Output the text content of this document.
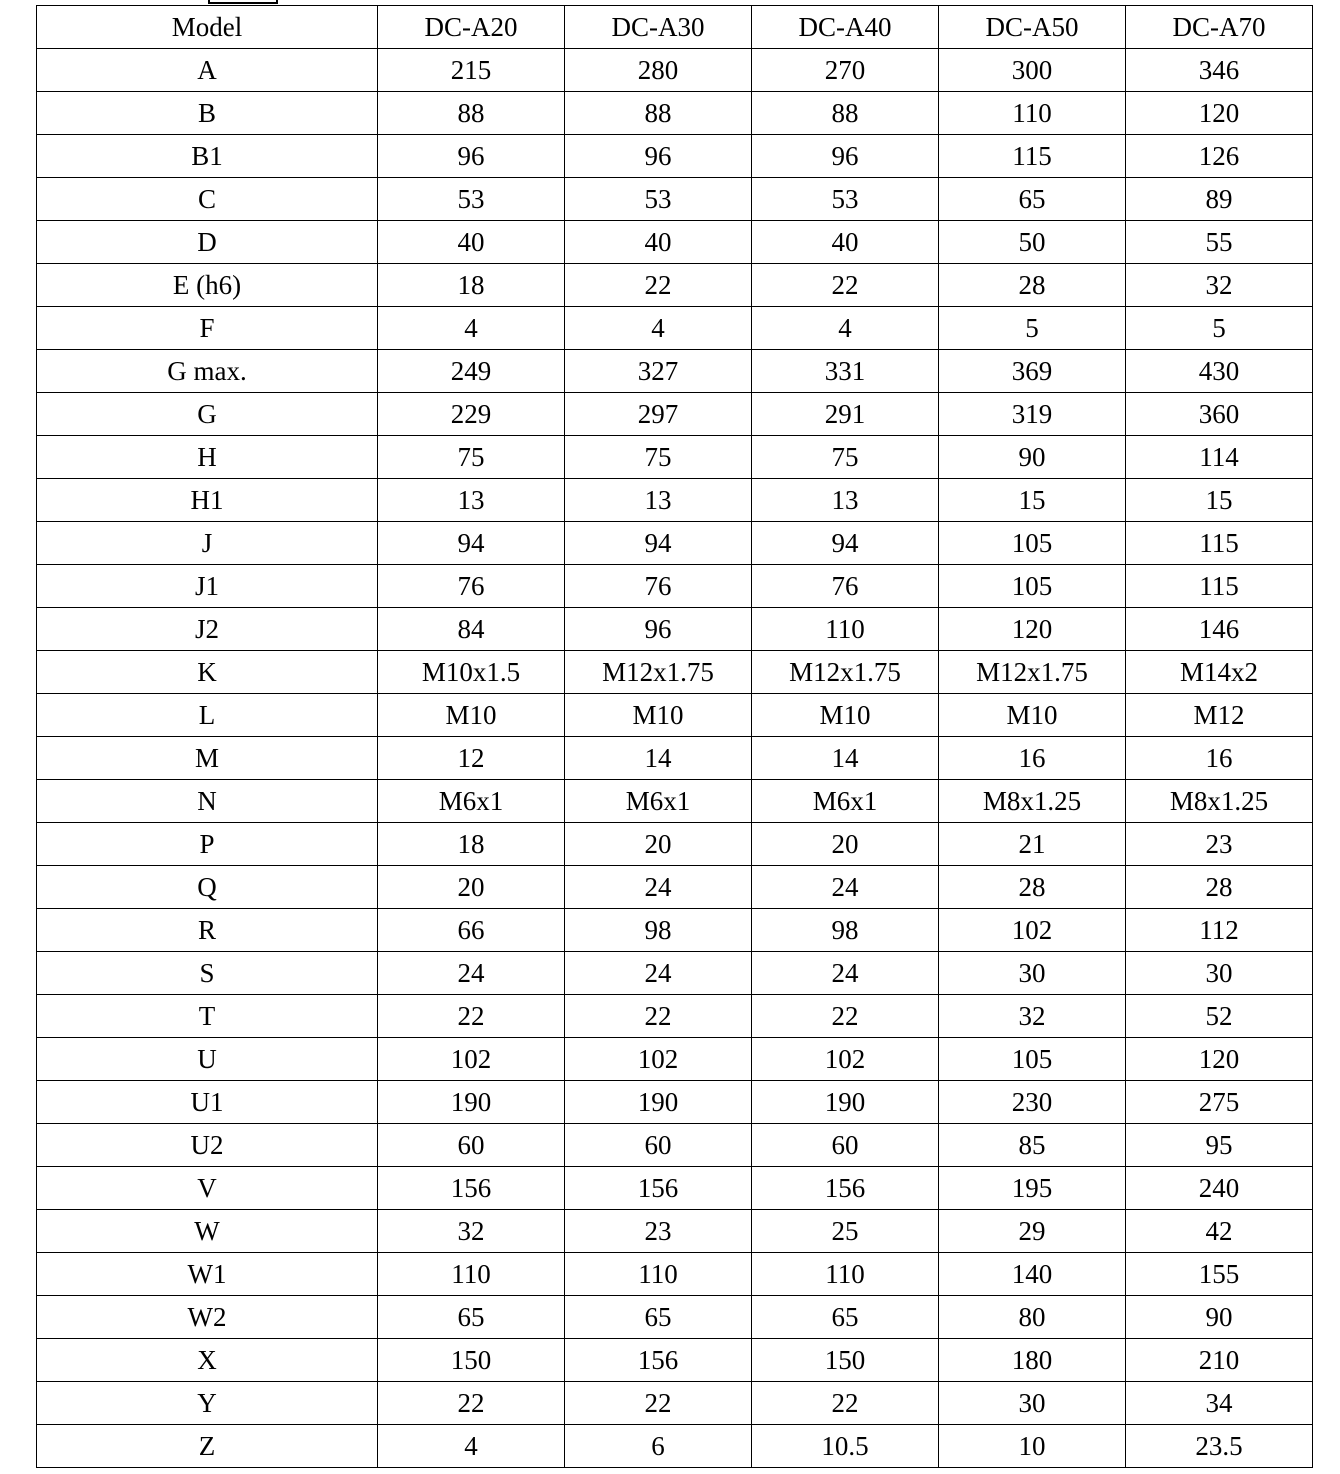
Model	DC-A20	DC-A30	DC-A40	DC-A50	DC-A70
A	215	280	270	300	346
B	88	88	88	110	120
B1	96	96	96	115	126
C	53	53	53	65	89
D	40	40	40	50	55
E (h6)	18	22	22	28	32
F	4	4	4	5	5
G max.	249	327	331	369	430
G	229	297	291	319	360
H	75	75	75	90	114
H1	13	13	13	15	15
J	94	94	94	105	115
J1	76	76	76	105	115
J2	84	96	110	120	146
K	M10x1.5	M12x1.75	M12x1.75	M12x1.75	M14x2
L	M10	M10	M10	M10	M12
M	12	14	14	16	16
N	M6x1	M6x1	M6x1	M8x1.25	M8x1.25
P	18	20	20	21	23
Q	20	24	24	28	28
R	66	98	98	102	112
S	24	24	24	30	30
T	22	22	22	32	52
U	102	102	102	105	120
U1	190	190	190	230	275
U2	60	60	60	85	95
V	156	156	156	195	240
W	32	23	25	29	42
W1	110	110	110	140	155
W2	65	65	65	80	90
X	150	156	150	180	210
Y	22	22	22	30	34
Z	4	6	10.5	10	23.5
